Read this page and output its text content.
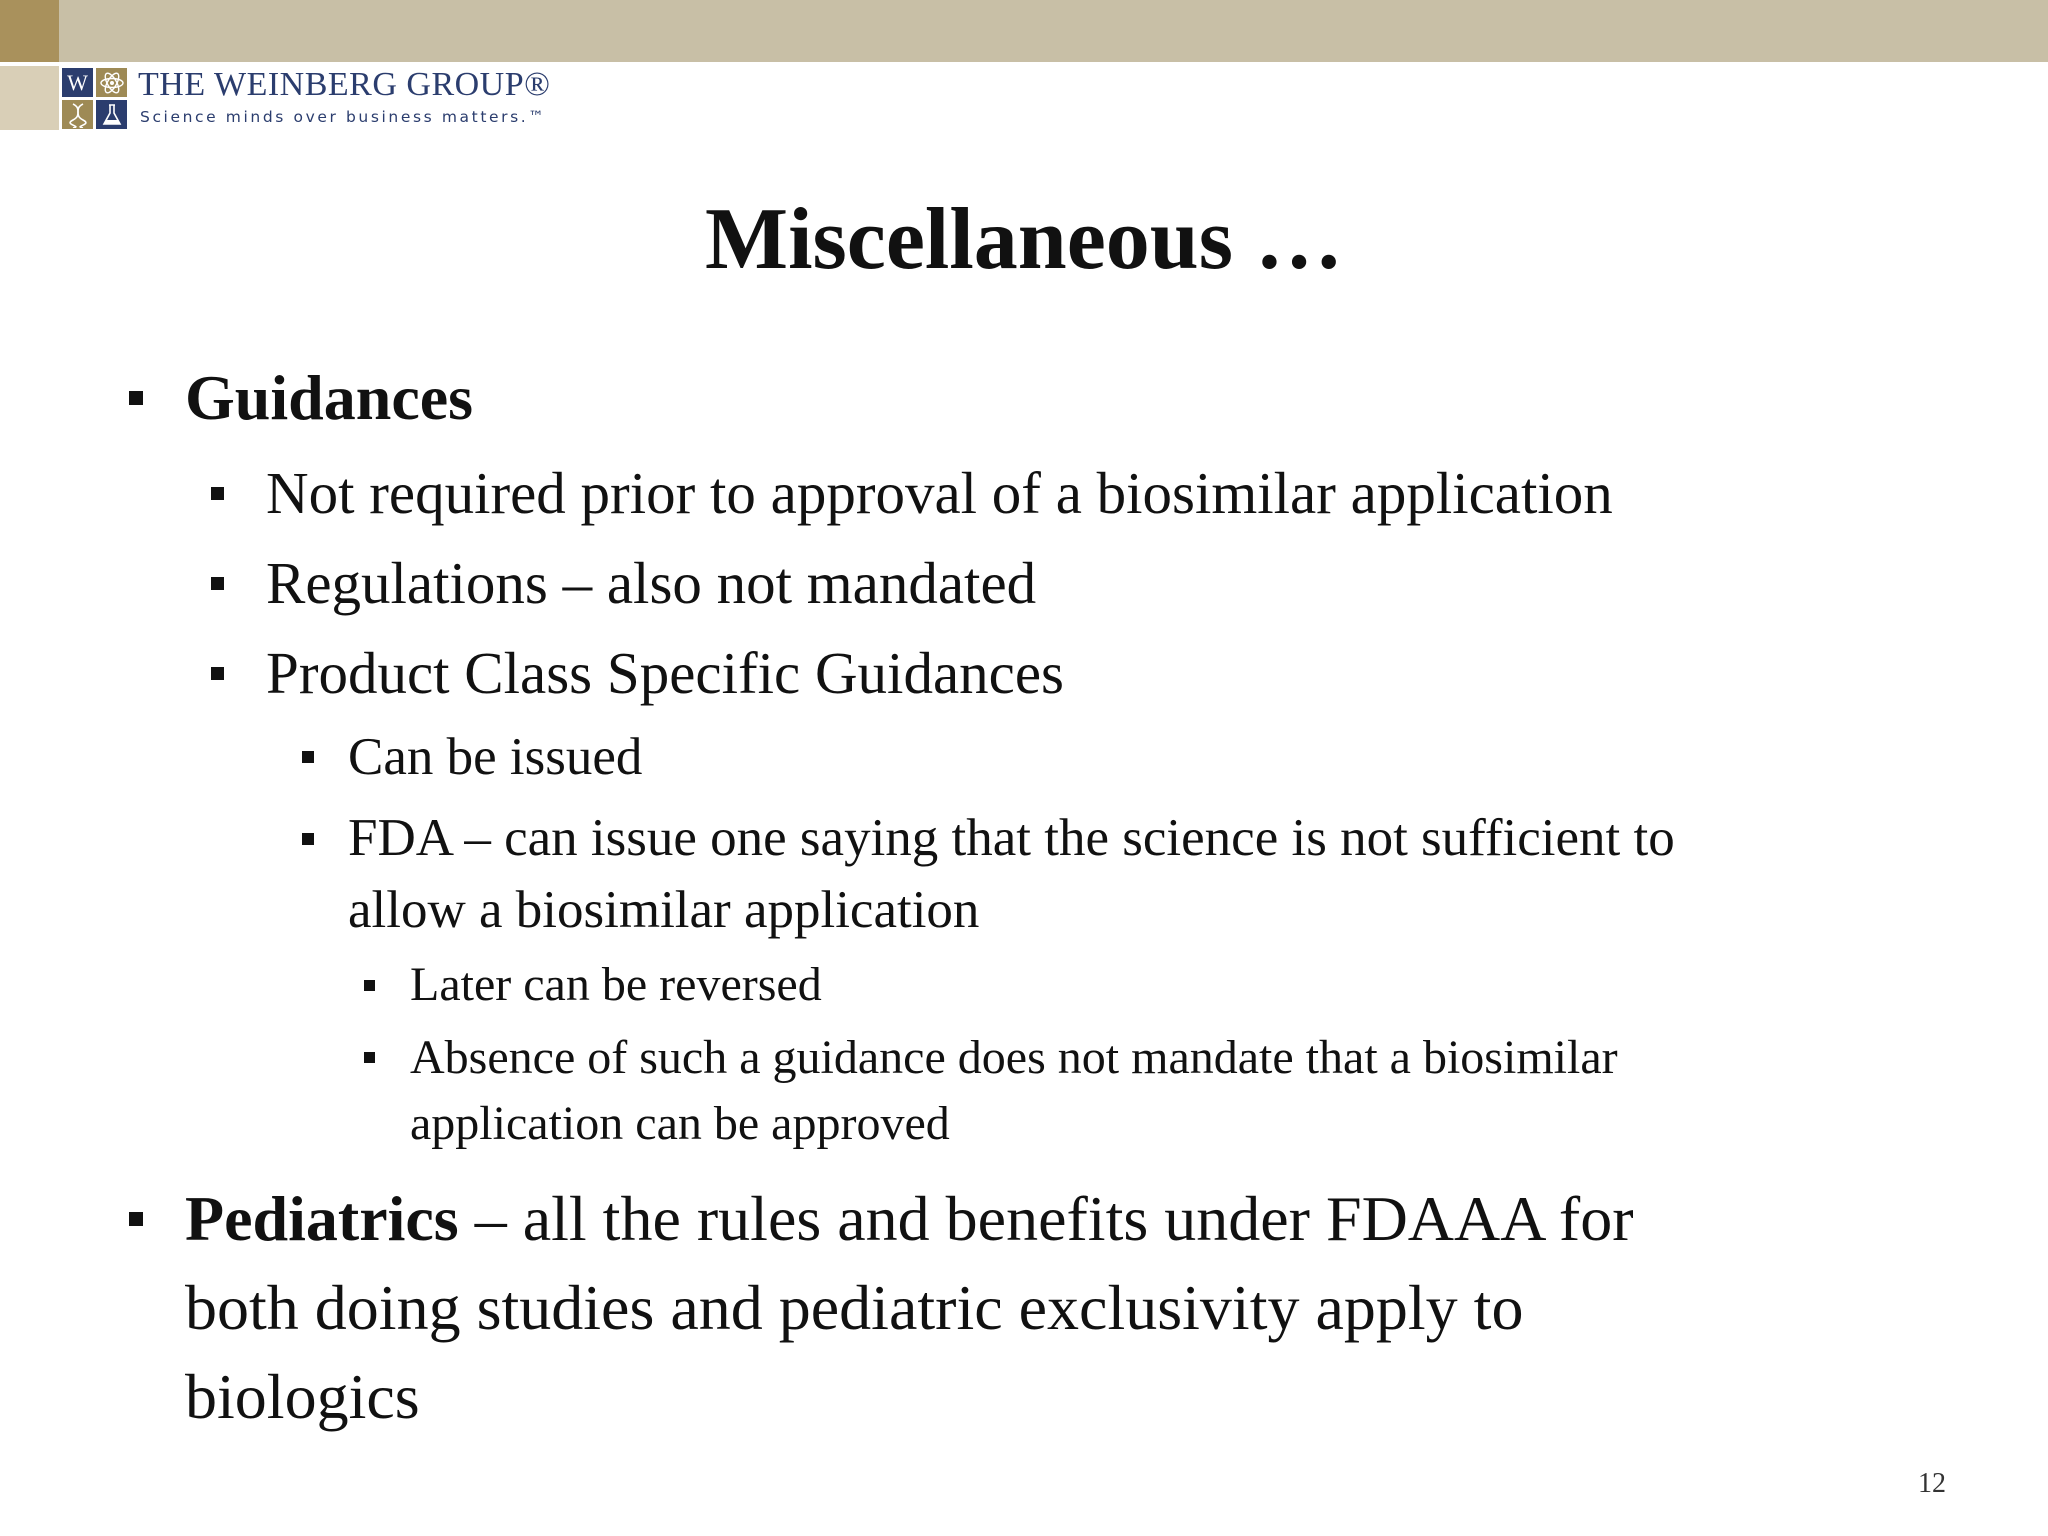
W THE WEINBERG GROUP®
Science minds over business matters.™
Miscellaneous …
Guidances
Not required prior to approval of a biosimilar application
Regulations – also not mandated
Product Class Specific Guidances
Can be issued
FDA – can issue one saying that the science is not sufficient to
allow a biosimilar application
Later can be reversed
Absence of such a guidance does not mandate that a biosimilar
application can be approved
Pediatrics – all the rules and benefits under FDAAA for
both doing studies and pediatric exclusivity apply to
biologics
12
